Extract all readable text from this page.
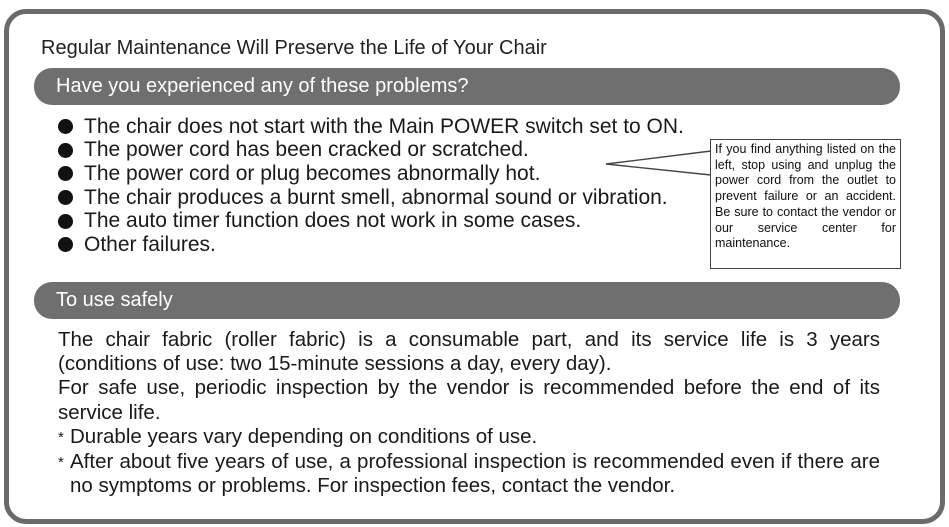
Regular Maintenance Will Preserve the Life of Your Chair
Have you experienced any of these problems?
The chair does not start with the Main POWER switch set to ON.
The power cord has been cracked or scratched.
The power cord or plug becomes abnormally hot.
The chair produces a burnt smell, abnormal sound or vibration.
The auto timer function does not work in some cases.
Other failures.
If you find anything listed on the left, stop using and unplug the power cord from the outlet to prevent failure or an accident. Be sure to contact the vendor or our service center for maintenance.
To use safely

The chair fabric (roller fabric) is a consumable part, and its service life is 3 years (conditions of use: two 15-minute sessions a day, every day).

For safe use, periodic inspection by the vendor is recommended before the end of its service life.

* Durable years vary depending on conditions of use.
* After about five years of use, a professional inspection is recommended even if there are no symptoms or problems. For inspection fees, contact the vendor.
